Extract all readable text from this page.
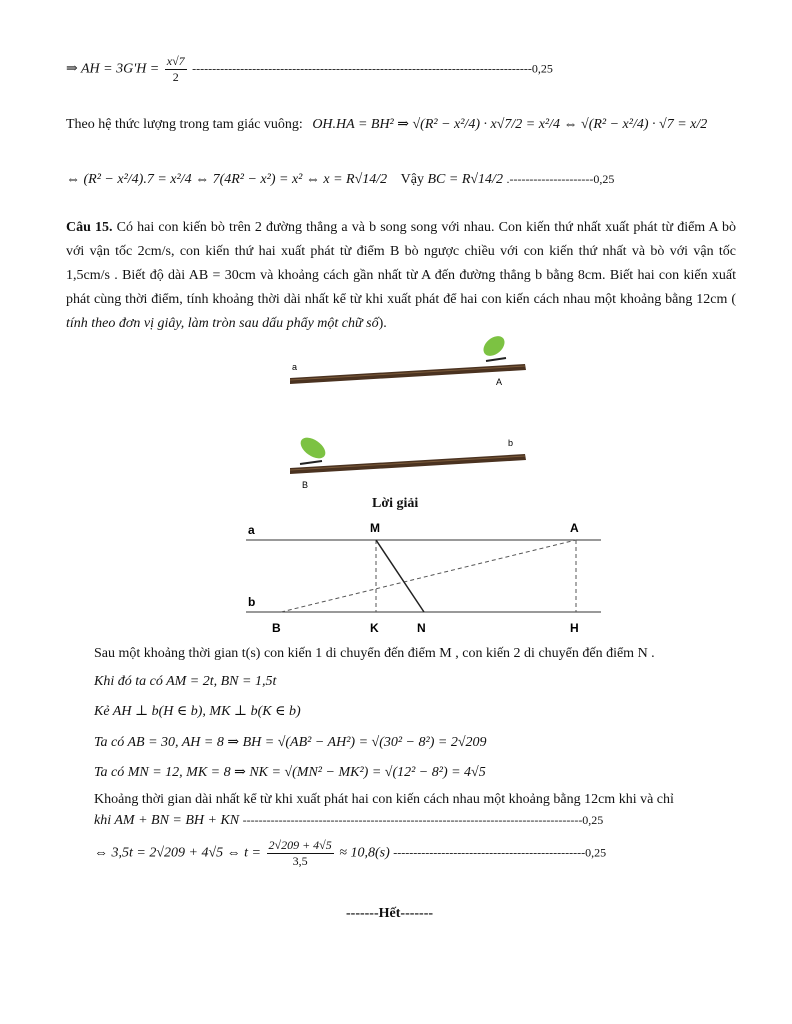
⇒ AH = $3G'H = \frac{x√7}{2} -------------------------------------------------------------------------------------0,25$
Theo hệ thức lượng trong tam giác vuông: OH.HA = BH² ⇒ √(R² − x²/4) · x√7/2 = x²/4 ⇔ √(R² − x²/4) · √7 = x/2
⇔ (R² − x²/4).7 = x²/4 ⇔ 7(4R² − x²) = x² ⇔ x = R√14/2 Vậy BC = R√14/2 .---------------------0,25
Câu 15. Có hai con kiến bò trên 2 đường thẳng a và b song song với nhau. Con kiến thứ nhất xuất phát từ điểm A bò với vận tốc 2cm/s, con kiến thứ hai xuất phát từ điểm B bò ngược chiều với con kiến thứ nhất và bò với vận tốc 1,5cm/s . Biết độ dài AB = 30cm và khoảng cách gần nhất từ A đến đường thẳng b bằng 8cm. Biết hai con kiến xuất phát cùng thời điểm, tính khoảng thời dài nhất kể từ khi xuất phát để hai con kiến cách nhau một khoảng bằng 12cm ( tính theo đơn vị giây, làm tròn sau dấu phẩy một chữ số).
a
A
b
B
Lời giải
a
b
M	A
B	K	N	H
Sau một khoảng thời gian t(s) con kiến 1 di chuyển đến điểm M , con kiến 2 di chuyển đến điểm N .
Khi đó ta có AM = 2t, BN = 1,5t
Kẻ AH ⊥ b(H ∈ b), MK ⊥ b(K ∈ b)
Ta có AB = 30, AH = 8 ⇒ BH = √(AB² − AH²) = √(30² − 8²) = 2√209
Ta có MN = 12, MK = 8 ⇒ NK = √(MN² − MK²) = √(12² − 8²) = 4√5
Khoảng thời gian dài nhất kể từ khi xuất phát hai con kiến cách nhau một khoảng bằng 12cm khi và chỉ
khi AM + BN = BH + KN -------------------------------------------------------------------------------------0,25
⇔ 3,5t = 2√209 + 4√5 ⇔ $t = \frac{2√209 + 4√5}{3,5} \approx 10,8(s)$ ------------------------------------------------0,25
-------Hết-------
